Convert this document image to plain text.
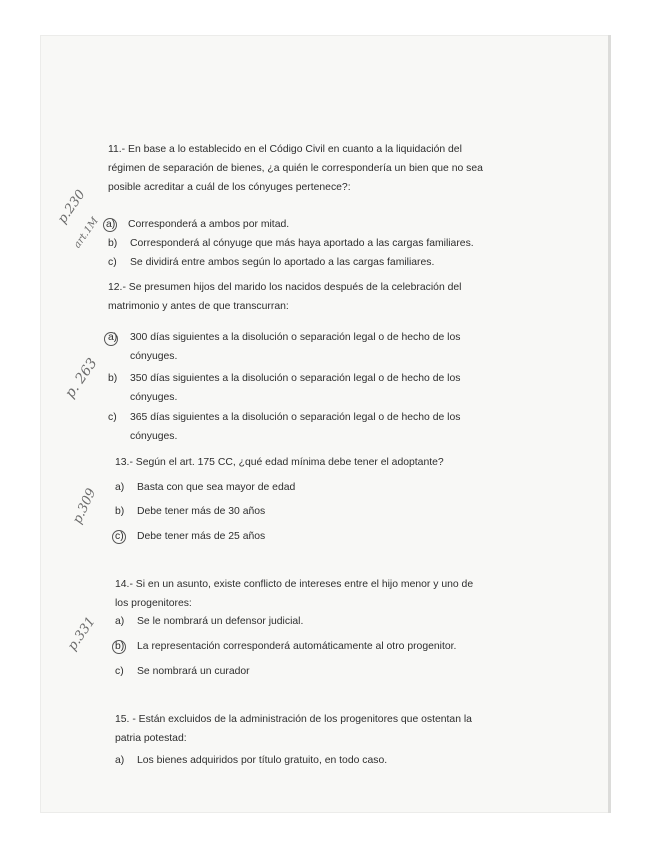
11.- En base a lo establecido en el Código Civil en cuanto a la liquidación del
régimen de separación de bienes, ¿a quién le correspondería un bien que no sea
posible acreditar a cuál de los cónyuges pertenece?:
a) Corresponderá a ambos por mitad.
b) Corresponderá al cónyuge que más haya aportado a las cargas familiares.
c) Se dividirá entre ambos según lo aportado a las cargas familiares.
12.- Se presumen hijos del marido los nacidos después de la celebración del
matrimonio y antes de que transcurran:
a) 300 días siguientes a la disolución o separación legal o de hecho de los
cónyuges.
b) 350 días siguientes a la disolución o separación legal o de hecho de los
cónyuges.
c) 365 días siguientes a la disolución o separación legal o de hecho de los
cónyuges.
13.- Según el art. 175 CC, ¿qué edad mínima debe tener el adoptante?
a) Basta con que sea mayor de edad
b) Debe tener más de 30 años
c) Debe tener más de 25 años
14.- Si en un asunto, existe conflicto de intereses entre el hijo menor y uno de
los progenitores:
a) Se le nombrará un defensor judicial.
b) La representación corresponderá automáticamente al otro progenitor.
c) Se nombrará un curador
15. - Están excluidos de la administración de los progenitores que ostentan la
patria potestad:
a) Los bienes adquiridos por título gratuito, en todo caso.
p.230
art.1M
p. 263
p.309
p.331
